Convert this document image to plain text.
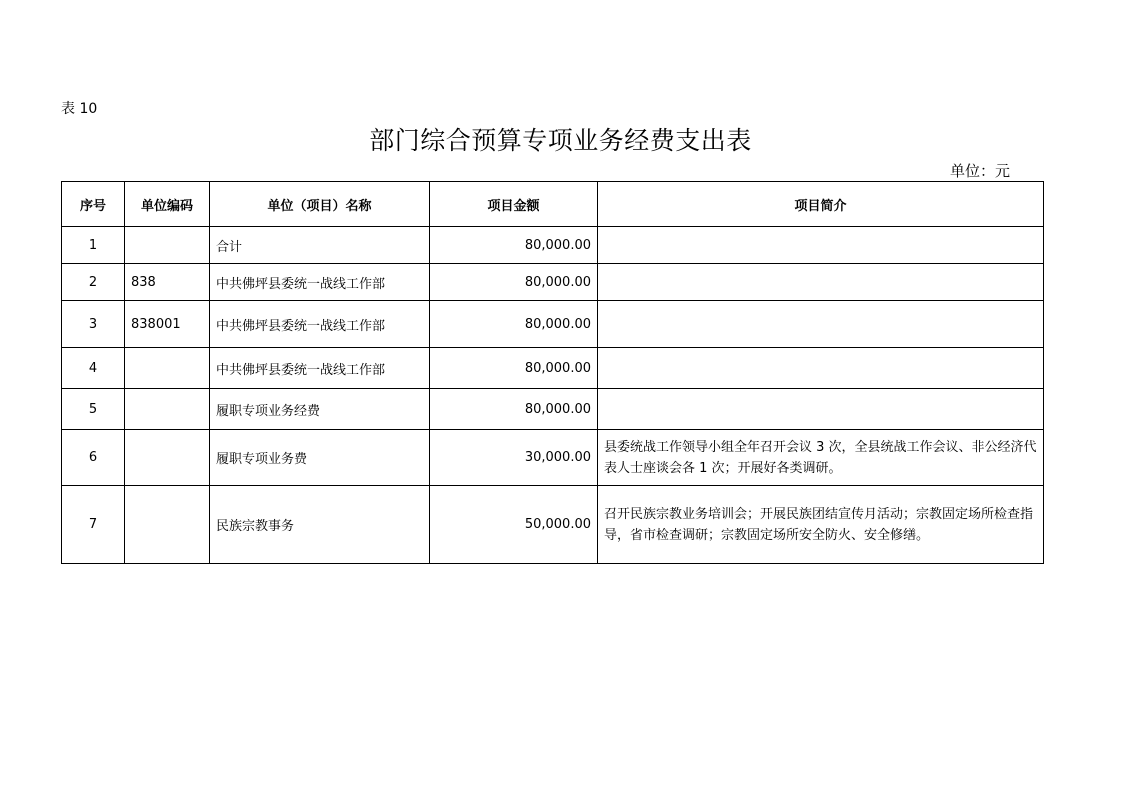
表 10
部门综合预算专项业务经费支出表
单位：元
序号	单位编码	单位（项目）名称	项目金额	项目简介
1		合计	80,000.00	
2	838	中共佛坪县委统一战线工作部	80,000.00	
3	838001	中共佛坪县委统一战线工作部	80,000.00	
4		中共佛坪县委统一战线工作部	80,000.00	
5		履职专项业务经费	80,000.00	
6		履职专项业务费	30,000.00	县委统战工作领导小组全年召开会议 3 次，全县统战工作会议、非公经济代表人士座谈会各 1 次；开展好各类调研。
7		民族宗教事务	50,000.00	召开民族宗教业务培训会；开展民族团结宣传月活动；宗教固定场所检查指导，省市检查调研；宗教固定场所安全防火、安全修缮。
